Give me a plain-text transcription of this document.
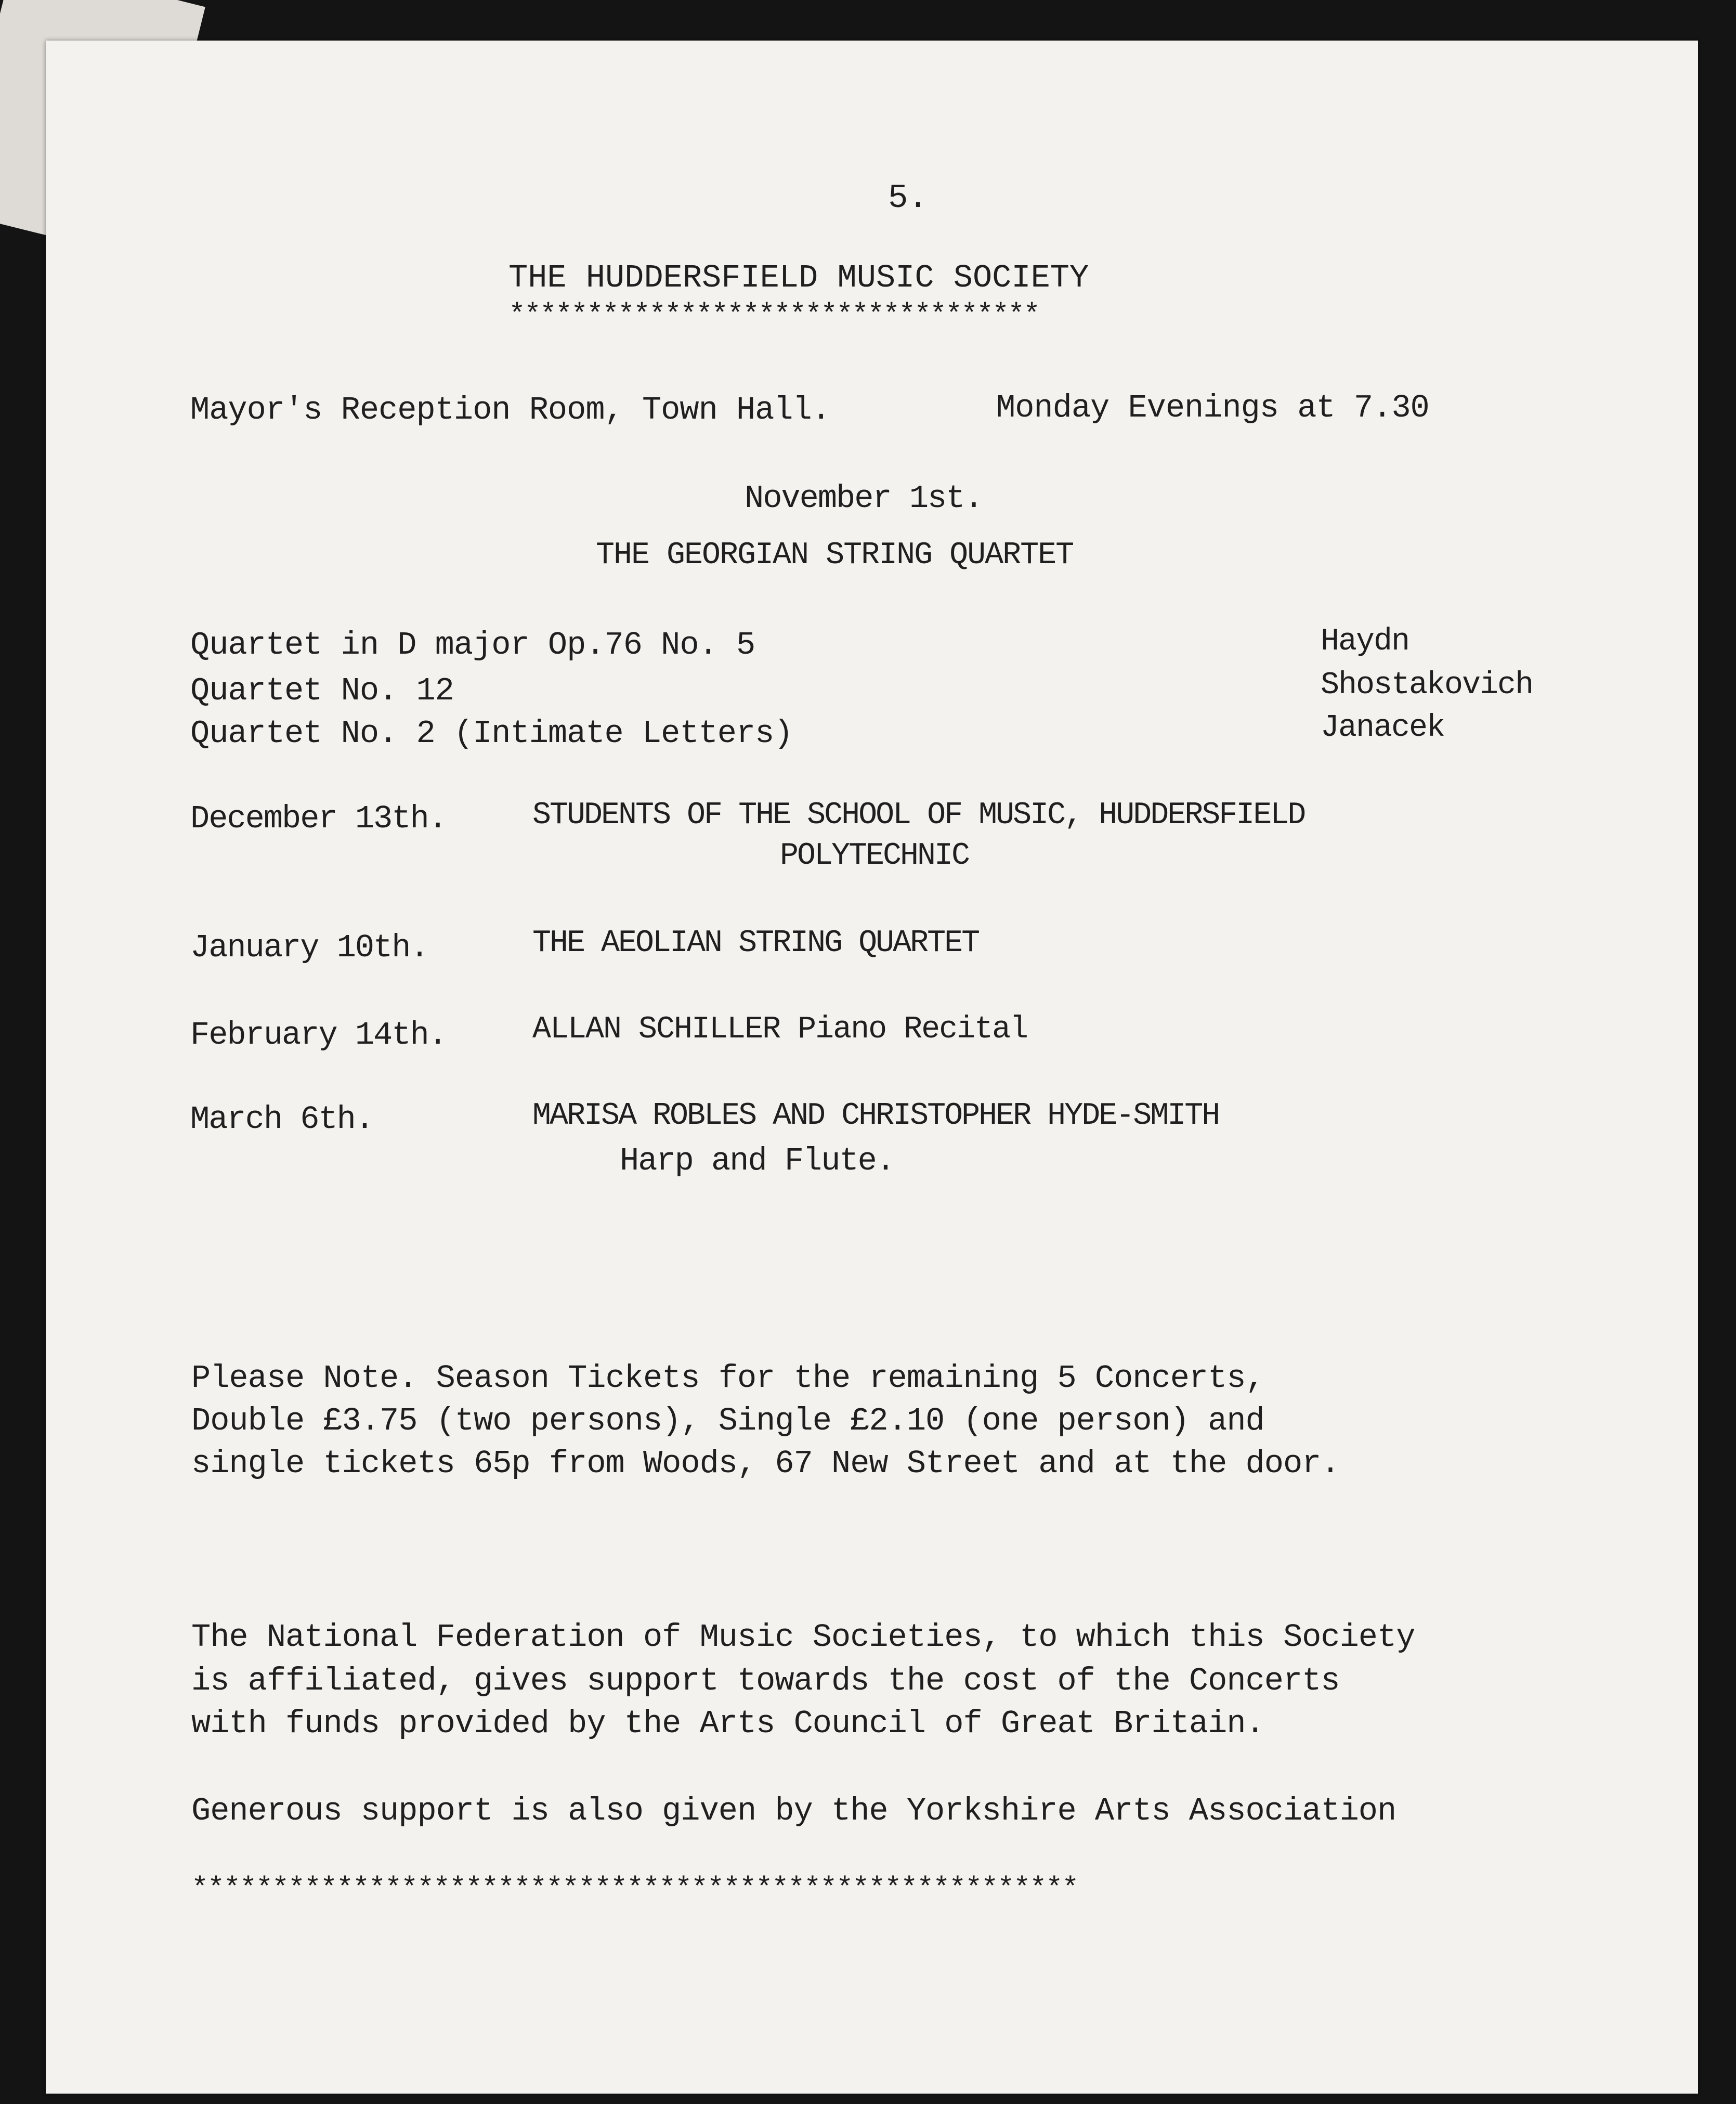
5.
THE HUDDERSFIELD MUSIC SOCIETY
**********************************
Mayor's Reception Room, Town Hall.	Monday Evenings at 7.30
November 1st.
THE GEORGIAN STRING QUARTET
Quartet in D major Op.76 No. 5	Haydn
Quartet No. 12	Shostakovich
Quartet No. 2 (Intimate Letters)	Janacek
December 13th.	STUDENTS OF THE SCHOOL OF MUSIC, HUDDERSFIELD
POLYTECHNIC
January 10th.	THE AEOLIAN STRING QUARTET
February 14th.	ALLAN SCHILLER Piano Recital
March 6th.	MARISA ROBLES AND CHRISTOPHER HYDE-SMITH
Harp and Flute.
Please Note. Season Tickets for the remaining 5 Concerts,
Double £3.75 (two persons), Single £2.10 (one person) and
single tickets 65p from Woods, 67 New Street and at the door.
The National Federation of Music Societies, to which this Society
is affiliated, gives support towards the cost of the Concerts
with funds provided by the Arts Council of Great Britain.
Generous support is also given by the Yorkshire Arts Association
*******************************************************
